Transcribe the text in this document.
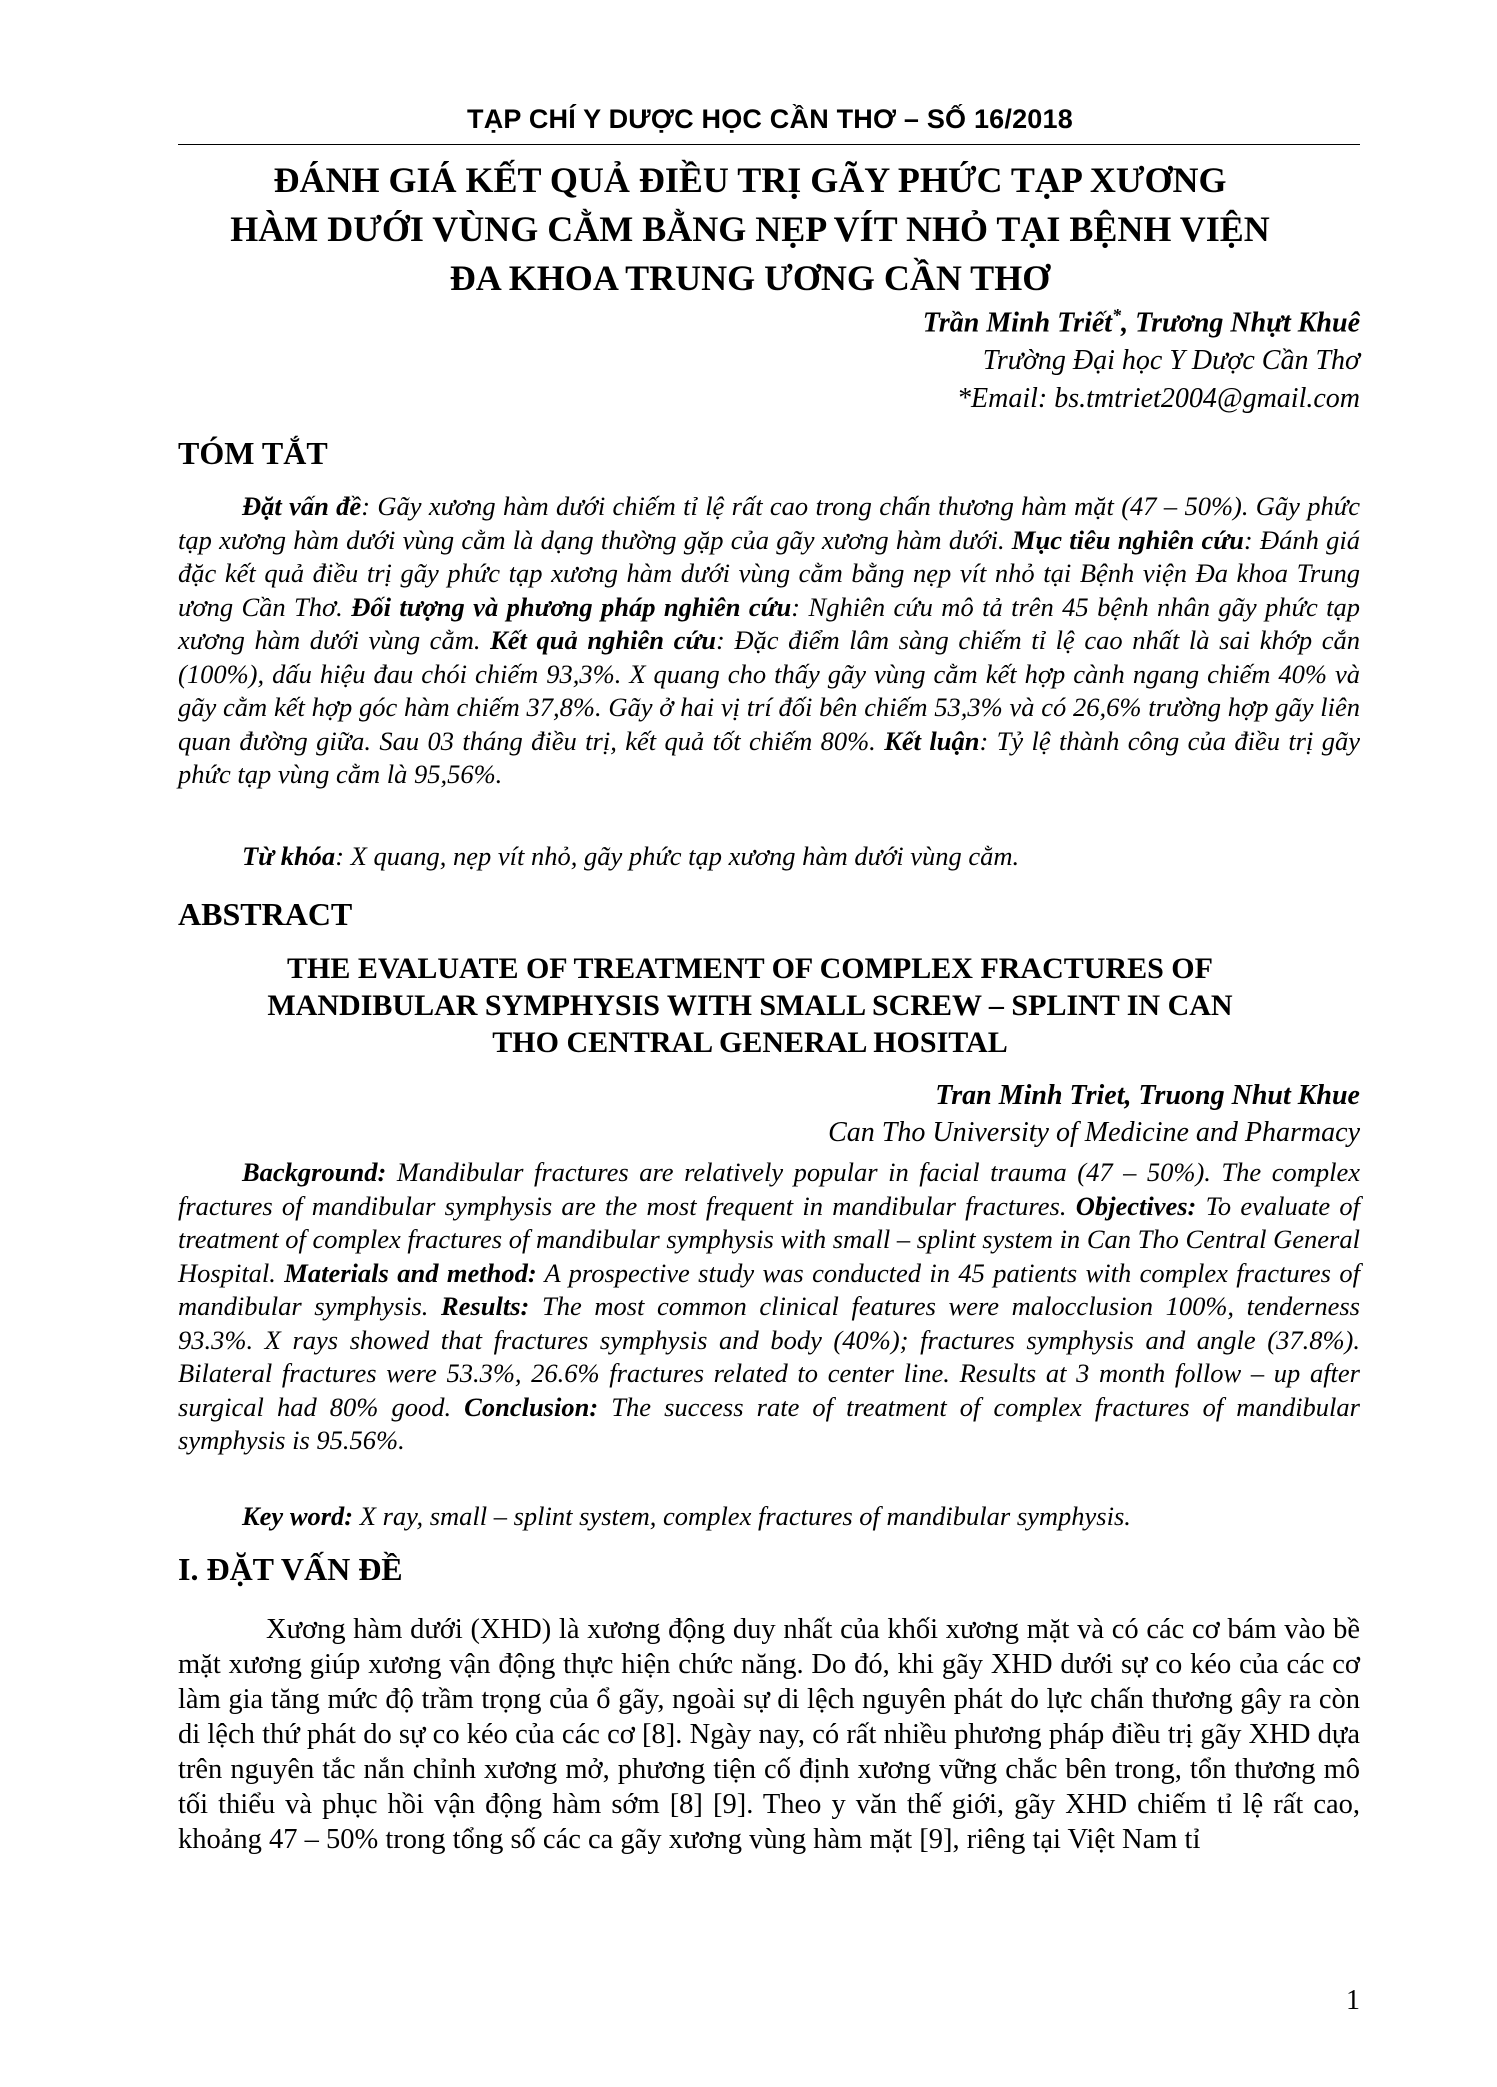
TẠP CHÍ Y DƯỢC HỌC CẦN THƠ – SỐ 16/2018
ĐÁNH GIÁ KẾT QUẢ ĐIỀU TRỊ GÃY PHỨC TẠP XƯƠNG
HÀM DƯỚI VÙNG CẰM BẰNG NẸP VÍT NHỎ TẠI BỆNH VIỆN
ĐA KHOA TRUNG ƯƠNG CẦN THƠ
Trần Minh Triết*, Trương Nhựt Khuê
Trường Đại học Y Dược Cần Thơ
*Email: bs.tmtriet2004@gmail.com
TÓM TẮT
Đặt vấn đề: Gãy xương hàm dưới chiếm tỉ lệ rất cao trong chấn thương hàm mặt (47 – 50%). Gãy phức tạp xương hàm dưới vùng cằm là dạng thường gặp của gãy xương hàm dưới. Mục tiêu nghiên cứu: Đánh giá đặc kết quả điều trị gãy phức tạp xương hàm dưới vùng cằm bằng nẹp vít nhỏ tại Bệnh viện Đa khoa Trung ương Cần Thơ. Đối tượng và phương pháp nghiên cứu: Nghiên cứu mô tả trên 45 bệnh nhân gãy phức tạp xương hàm dưới vùng cằm. Kết quả nghiên cứu: Đặc điểm lâm sàng chiếm tỉ lệ cao nhất là sai khớp cắn (100%), dấu hiệu đau chói chiếm 93,3%. X quang cho thấy gãy vùng cằm kết hợp cành ngang chiếm 40% và gãy cằm kết hợp góc hàm chiếm 37,8%. Gãy ở hai vị trí đối bên chiếm 53,3% và có 26,6% trường hợp gãy liên quan đường giữa. Sau 03 tháng điều trị, kết quả tốt chiếm 80%. Kết luận: Tỷ lệ thành công của điều trị gãy phức tạp vùng cằm là 95,56%.
Từ khóa: X quang, nẹp vít nhỏ, gãy phức tạp xương hàm dưới vùng cằm.
ABSTRACT
THE EVALUATE OF TREATMENT OF COMPLEX FRACTURES OF
MANDIBULAR SYMPHYSIS WITH SMALL SCREW – SPLINT IN CAN
THO CENTRAL GENERAL HOSITAL
Tran Minh Triet, Truong Nhut Khue
Can Tho University of Medicine and Pharmacy
Background: Mandibular fractures are relatively popular in facial trauma (47 – 50%). The complex fractures of mandibular symphysis are the most frequent in mandibular fractures. Objectives: To evaluate of treatment of complex fractures of mandibular symphysis with small – splint system in Can Tho Central General Hospital. Materials and method: A prospective study was conducted in 45 patients with complex fractures of mandibular symphysis. Results: The most common clinical features were malocclusion 100%, tenderness 93.3%. X rays showed that fractures symphysis and body (40%); fractures symphysis and angle (37.8%). Bilateral fractures were 53.3%, 26.6% fractures related to center line. Results at 3 month follow – up after surgical had 80% good. Conclusion: The success rate of treatment of complex fractures of mandibular symphysis is 95.56%.
Key word: X ray, small – splint system, complex fractures of mandibular symphysis.
I. ĐẶT VẤN ĐỀ
Xương hàm dưới (XHD) là xương động duy nhất của khối xương mặt và có các cơ bám vào bề mặt xương giúp xương vận động thực hiện chức năng. Do đó, khi gãy XHD dưới sự co kéo của các cơ làm gia tăng mức độ trầm trọng của ổ gãy, ngoài sự di lệch nguyên phát do lực chấn thương gây ra còn di lệch thứ phát do sự co kéo của các cơ [8]. Ngày nay, có rất nhiều phương pháp điều trị gãy XHD dựa trên nguyên tắc nắn chỉnh xương mở, phương tiện cố định xương vững chắc bên trong, tổn thương mô tối thiểu và phục hồi vận động hàm sớm [8] [9]. Theo y văn thế giới, gãy XHD chiếm tỉ lệ rất cao, khoảng 47 – 50% trong tổng số các ca gãy xương vùng hàm mặt [9], riêng tại Việt Nam tỉ
1
